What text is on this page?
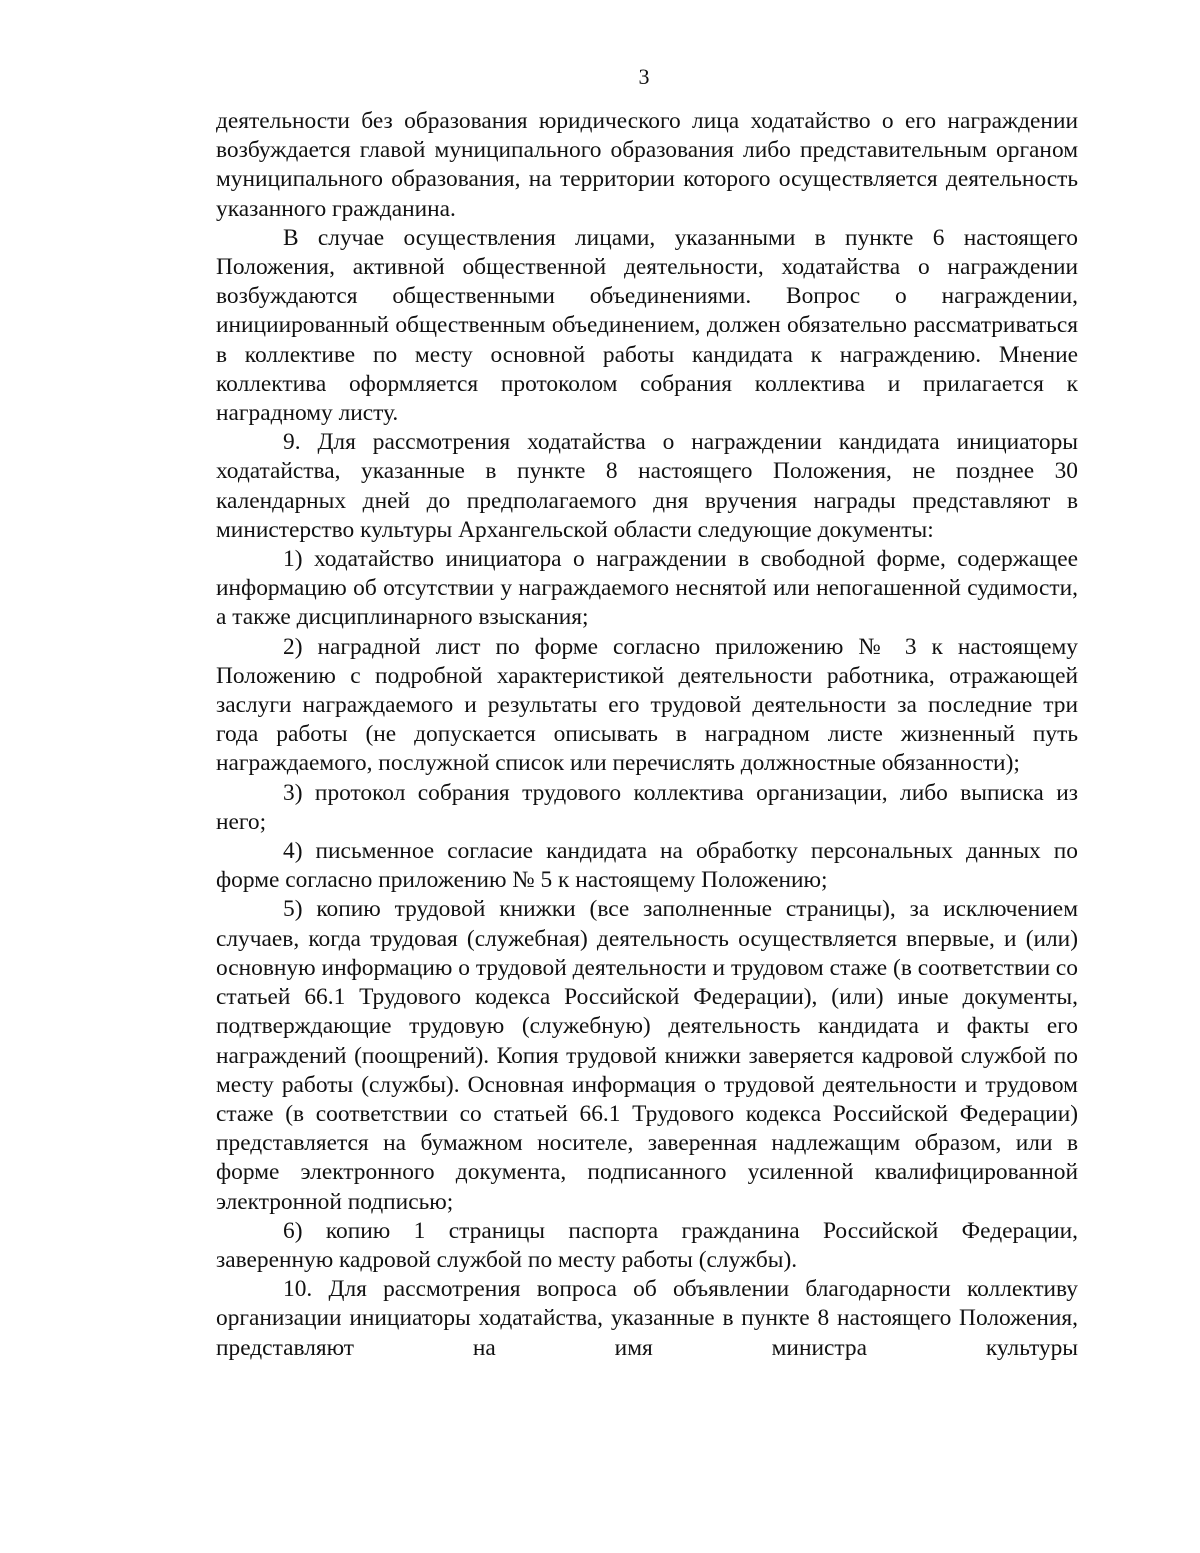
3

деятельности без образования юридического лица ходатайство о его награждении возбуждается главой муниципального образования либо представительным органом муниципального образования, на территории которого осуществляется деятельность указанного гражданина.

В случае осуществления лицами, указанными в пункте 6 настоящего Положения, активной общественной деятельности, ходатайства о награждении возбуждаются общественными объединениями. Вопрос о награждении, инициированный общественным объединением, должен обязательно рассматриваться в коллективе по месту основной работы кандидата к награждению. Мнение коллектива оформляется протоколом собрания коллектива и прилагается к наградному листу.

9. Для рассмотрения ходатайства о награждении кандидата инициаторы ходатайства, указанные в пункте 8 настоящего Положения, не позднее 30 календарных дней до предполагаемого дня вручения награды представляют в министерство культуры Архангельской области следующие документы:

1) ходатайство инициатора о награждении в свободной форме, содержащее информацию об отсутствии у награждаемого неснятой или непогашенной судимости, а также дисциплинарного взыскания;

2) наградной лист по форме согласно приложению № 3 к настоящему Положению с подробной характеристикой деятельности работника, отражающей заслуги награждаемого и результаты его трудовой деятельности за последние три года работы (не допускается описывать в наградном листе жизненный путь награждаемого, послужной список или перечислять должностные обязанности);

3) протокол собрания трудового коллектива организации, либо выписка из него;

4) письменное согласие кандидата на обработку персональных данных по форме согласно приложению № 5 к настоящему Положению;

5) копию трудовой книжки (все заполненные страницы), за исключением случаев, когда трудовая (служебная) деятельность осуществляется впервые, и (или) основную информацию о трудовой деятельности и трудовом стаже (в соответствии со статьей 66.1 Трудового кодекса Российской Федерации), (или) иные документы, подтверждающие трудовую (служебную) деятельность кандидата и факты его награждений (поощрений). Копия трудовой книжки заверяется кадровой службой по месту работы (службы). Основная информация о трудовой деятельности и трудовом стаже (в соответствии со статьей 66.1 Трудового кодекса Российской Федерации) представляется на бумажном носителе, заверенная надлежащим образом, или в форме электронного документа, подписанного усиленной квалифицированной электронной подписью;

6) копию 1 страницы паспорта гражданина Российской Федерации, заверенную кадровой службой по месту работы (службы).

10. Для рассмотрения вопроса об объявлении благодарности коллективу организации инициаторы ходатайства, указанные в пункте 8 настоящего Положения, представляют на имя министра культуры
